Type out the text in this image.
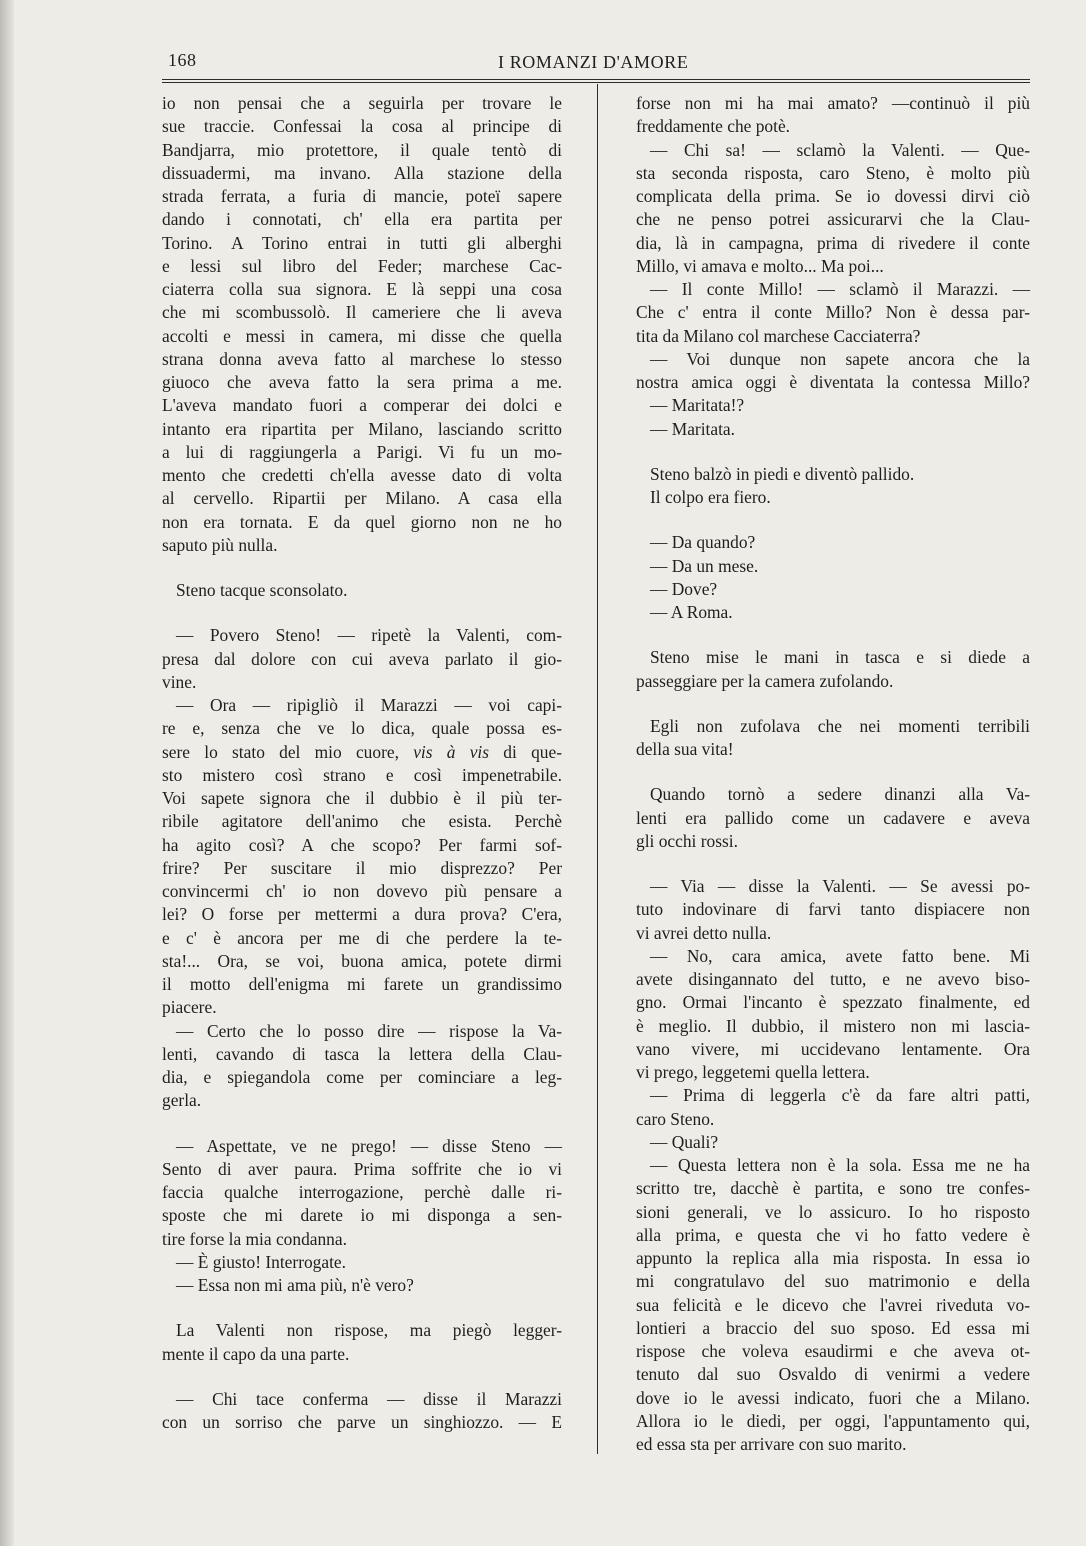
168	I ROMANZI D'AMORE
io non pensai che a seguirla per trovare le
sue traccie. Confessai la cosa al principe di
Bandjarra, mio protettore, il quale tentò di
dissuadermi, ma invano. Alla stazione della
strada ferrata, a furia di mancie, poteï sapere
dando i connotati, ch' ella era partita per
Torino. A Torino entrai in tutti gli alberghi
e lessi sul libro del Feder; marchese Cac-
ciaterra colla sua signora. E là seppi una cosa
che mi scombussolò. Il cameriere che li aveva
accolti e messi in camera, mi disse che quella
strana donna aveva fatto al marchese lo stesso
giuoco che aveva fatto la sera prima a me.
L'aveva mandato fuori a comperar dei dolci e
intanto era ripartita per Milano, lasciando scritto
a lui di raggiungerla a Parigi. Vi fu un mo-
mento che credetti ch'ella avesse dato di volta
al cervello. Ripartii per Milano. A casa ella
non era tornata. E da quel giorno non ne ho
saputo più nulla.
Steno tacque sconsolato.
— Povero Steno! — ripetè la Valenti, com-
presa dal dolore con cui aveva parlato il gio-
vine.
— Ora — ripigliò il Marazzi — voi capi-
re e, senza che ve lo dica, quale possa es-
sere lo stato del mio cuore, vis à vis di que-
sto mistero così strano e così impenetrabile.
Voi sapete signora che il dubbio è il più ter-
ribile agitatore dell'animo che esista. Perchè
ha agito così? A che scopo? Per farmi sof-
frire? Per suscitare il mio disprezzo? Per
convincermi ch' io non dovevo più pensare a
lei? O forse per mettermi a dura prova? C'era,
e c' è ancora per me di che perdere la te-
sta!... Ora, se voi, buona amica, potete dirmi
il motto dell'enigma mi farete un grandissimo
piacere.
— Certo che lo posso dire — rispose la Va-
lenti, cavando di tasca la lettera della Clau-
dia, e spiegandola come per cominciare a leg-
gerla.
— Aspettate, ve ne prego! — disse Steno —
Sento di aver paura. Prima soffrite che io vi
faccia qualche interrogazione, perchè dalle ri-
sposte che mi darete io mi disponga a sen-
tire forse la mia condanna.
— È giusto! Interrogate.
— Essa non mi ama più, n'è vero?
La Valenti non rispose, ma piegò legger-
mente il capo da una parte.
— Chi tace conferma — disse il Marazzi
con un sorriso che parve un singhiozzo. — E
forse non mi ha mai amato? —continuò il più
freddamente che potè.
— Chi sa! — sclamò la Valenti. — Que-
sta seconda risposta, caro Steno, è molto più
complicata della prima. Se io dovessi dirvi ciò
che ne penso potrei assicurarvi che la Clau-
dia, là in campagna, prima di rivedere il conte
Millo, vi amava e molto... Ma poi...
— Il conte Millo! — sclamò il Marazzi. —
Che c' entra il conte Millo? Non è dessa par-
tita da Milano col marchese Cacciaterra?
— Voi dunque non sapete ancora che la
nostra amica oggi è diventata la contessa Millo?
— Maritata!?
— Maritata.
Steno balzò in piedi e diventò pallido.
Il colpo era fiero.
— Da quando?
— Da un mese.
— Dove?
— A Roma.
Steno mise le mani in tasca e si diede a
passeggiare per la camera zufolando.
Egli non zufolava che nei momenti terribili
della sua vita!
Quando tornò a sedere dinanzi alla Va-
lenti era pallido come un cadavere e aveva
gli occhi rossi.
— Via — disse la Valenti. — Se avessi po-
tuto indovinare di farvi tanto dispiacere non
vi avrei detto nulla.
— No, cara amica, avete fatto bene. Mi
avete disingannato del tutto, e ne avevo biso-
gno. Ormai l'incanto è spezzato finalmente, ed
è meglio. Il dubbio, il mistero non mi lascia-
vano vivere, mi uccidevano lentamente. Ora
vi prego, leggetemi quella lettera.
— Prima di leggerla c'è da fare altri patti,
caro Steno.
— Quali?
— Questa lettera non è la sola. Essa me ne ha
scritto tre, dacchè è partita, e sono tre confes-
sioni generali, ve lo assicuro. Io ho risposto
alla prima, e questa che vi ho fatto vedere è
appunto la replica alla mia risposta. In essa io
mi congratulavo del suo matrimonio e della
sua felicità e le dicevo che l'avrei riveduta vo-
lontieri a braccio del suo sposo. Ed essa mi
rispose che voleva esaudirmi e che aveva ot-
tenuto dal suo Osvaldo di venirmi a vedere
dove io le avessi indicato, fuori che a Milano.
Allora io le diedi, per oggi, l'appuntamento qui,
ed essa sta per arrivare con suo marito.
